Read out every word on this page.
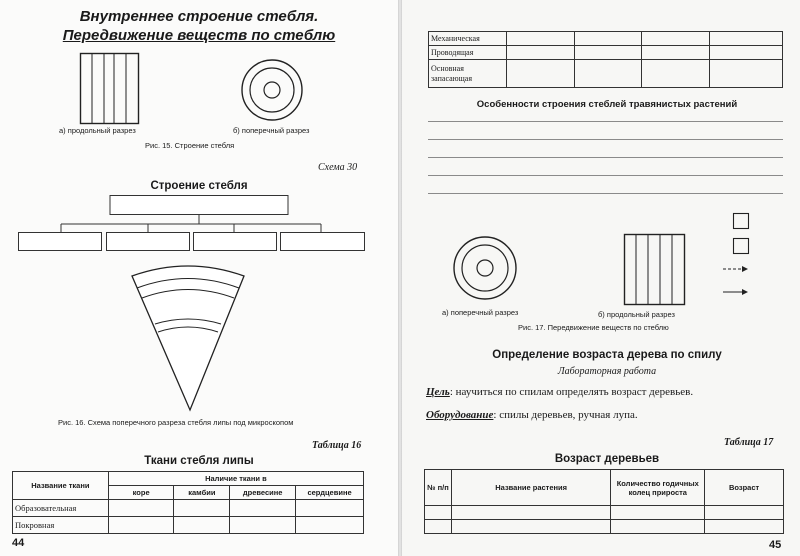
Внутреннее строение стебля.
Передвижение веществ по стеблю
а) продольный разрез	б) поперечный разрез
Рис. 15. Строение стебля
Схема 30
Строение стебля
Рис. 16. Схема поперечного разреза стебля липы под микроскопом
Таблица 16
Ткани стебля липы
Название ткани	Наличие ткани в			
	коре	камбии	древесине	сердцевине
Образовательная				
Покровная				
44
Механическая				
Проводящая				
Основная запасающая				
Особенности строения стеблей травянистых растений
а) поперечный разрез	б) продольный разрез
Рис. 17. Передвижение веществ по стеблю
Определение возраста дерева по спилу
Лабораторная работа
Цель: научиться по спилам определять возраст деревьев.
Оборудование: спилы деревьев, ручная лупа.
Таблица 17
Возраст деревьев
№ п/п	Название растения	Количество годичных колец прироста	Возраст

45
